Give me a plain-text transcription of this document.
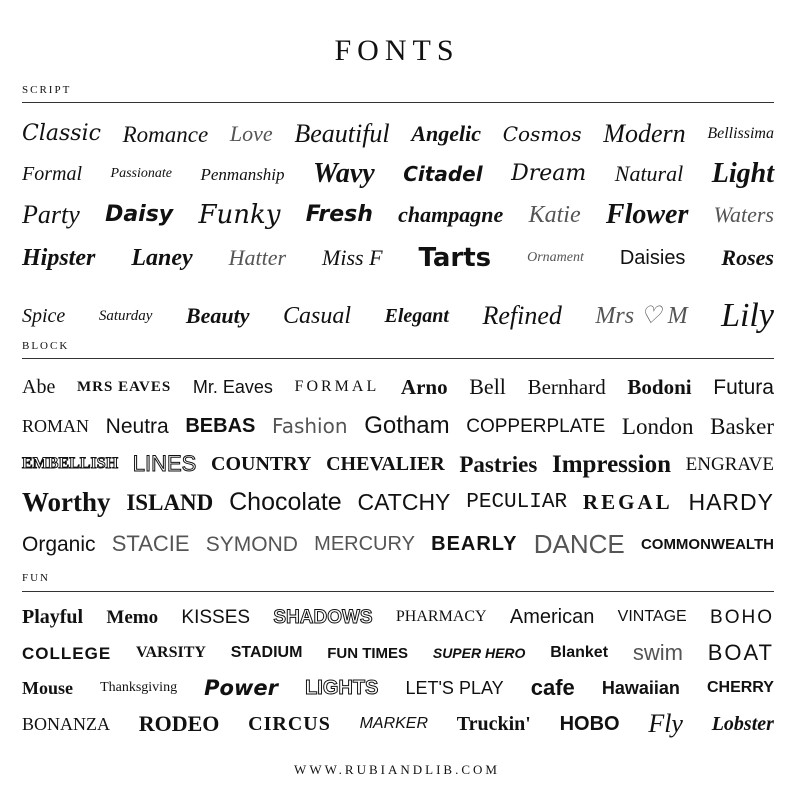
FONTS
SCRIPT
Classic Romance Love Beautiful Angelic Cosmos Modern Bellissima
Formal Passionate Penmanship Wavy Citadel Dream Natural Light
Party Daisy Funky Fresh champagne Katie Flower Waters
Hipster Laney Hatter Miss F Tarts	Ornament Daisies Roses
Spice Saturday Beauty Casual Elegant Refined Mrs ♡ M Lily
BLOCK
Abe MRS EAVES Mr. Eaves FORMAL Arno Bell Bernhard Bodoni Futura
ROMAN Neutra BEBAS Fashion Gotham COPPERPLATE London Basker
EMBELLISH LINES COUNTRY CHEVALIER Pastries Impression ENGRAVE
Worthy ISLAND Chocolate CATCHY PECULIAR REGAL HARDY
Organic STACIE SYMOND MERCURY BEARLY DANCE COMMONWEALTH
FUN
Playful Memo KISSES SHADOWS PHARMACY American VINTAGE BOHO
COLLEGE VARSITY STADIUM FUN TIMES SUPER HERO Blanket swim BOAT
Mouse Thanksgiving Power LIGHTS LET'S PLAY cafe Hawaiian CHERRY
BONANZA RODEO CIRCUS MARKER Truckin' HOBO Fly Lobster
WWW.RUBIANDLIB.COM
